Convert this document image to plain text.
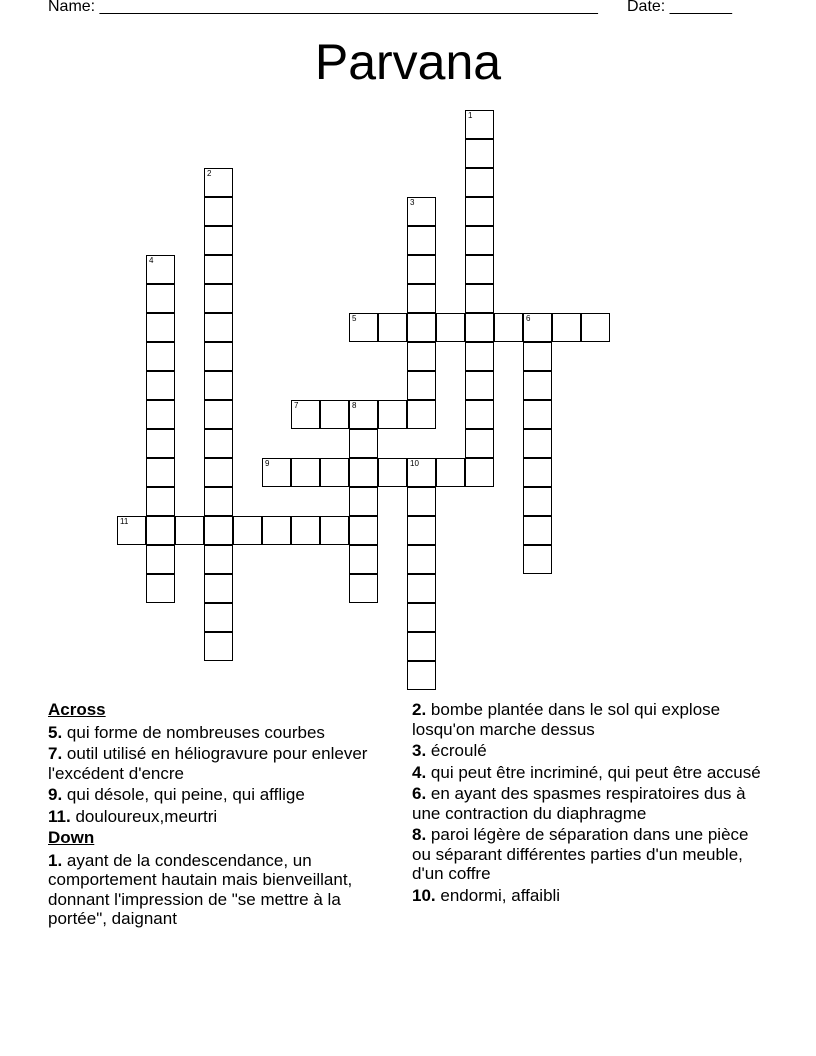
Name: ________________________________________________________ Date: _______
Parvana
1
2
3
4
5	6
7	8
9	10
11
Across
5. qui forme de nombreuses courbes
7. outil utilisé en héliogravure pour enlever l'excédent d'encre
9. qui désole, qui peine, qui afflige
11. douloureux,meurtri
Down
1. ayant de la condescendance, un comportement hautain mais bienveillant, donnant l'impression de "se mettre à la portée", daignant
2. bombe plantée dans le sol qui explose losqu'on marche dessus
3. écroulé
4. qui peut être incriminé, qui peut être accusé
6. en ayant des spasmes respiratoires dus à une contraction du diaphragme
8. paroi légère de séparation dans une pièce ou séparant différentes parties d'un meuble, d'un coffre
10. endormi, affaibli
